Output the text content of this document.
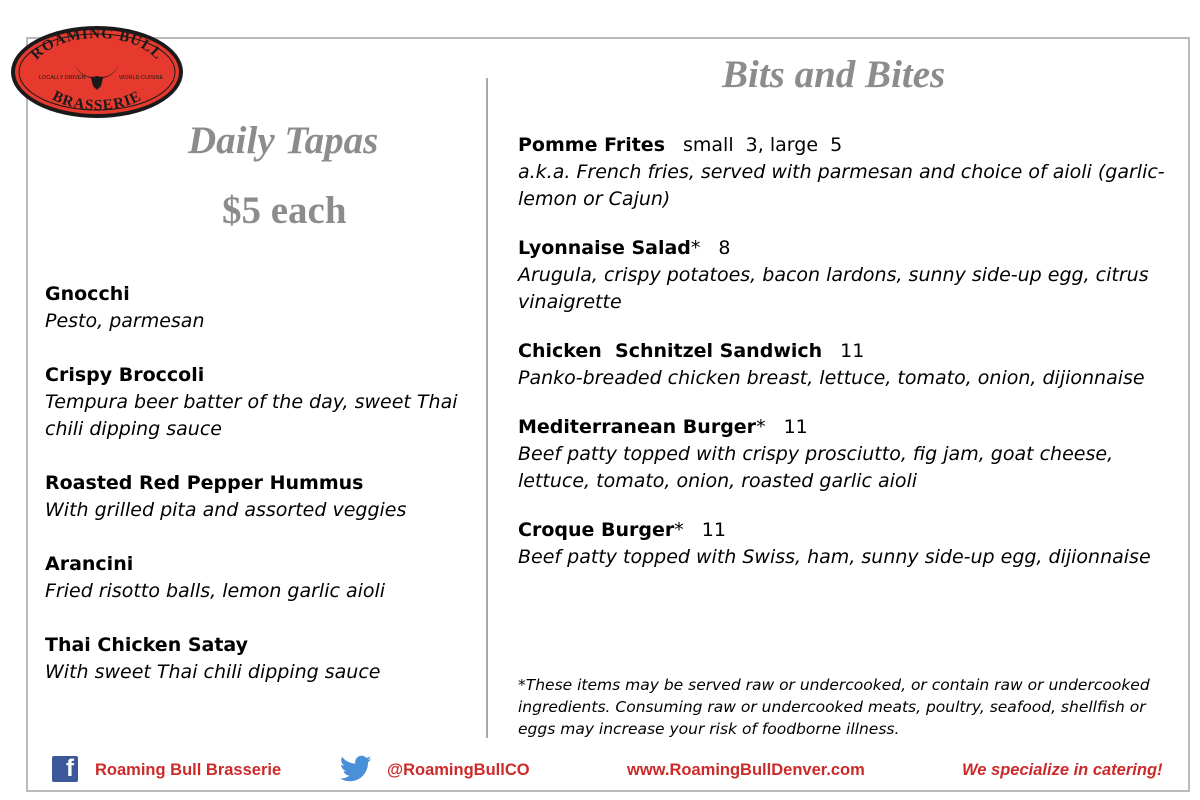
ROAMING BULL
BRASSERIE
LOCALLY DRIVEN	WORLD CUISINE
Daily Tapas
$5 each
Gnocchi
Pesto, parmesan
Crispy Broccoli
Tempura beer batter of the day, sweet Thai chili dipping sauce
Roasted Red Pepper Hummus
With grilled pita and assorted veggies
Arancini
Fried risotto balls, lemon garlic aioli
Thai Chicken Satay
With sweet Thai chili dipping sauce
Bits and Bites
Pomme Frites small  3, large  5
a.k.a. French fries, served with parmesan and choice of aioli (garlic-lemon or Cajun)
Lyonnaise Salad* 8
Arugula, crispy potatoes, bacon lardons, sunny side-up egg, citrus vinaigrette
Chicken  Schnitzel Sandwich 11
Panko-breaded chicken breast, lettuce, tomato, onion, dijionnaise
Mediterranean Burger* 11
Beef patty topped with crispy prosciutto, fig jam, goat cheese, lettuce, tomato, onion, roasted garlic aioli
Croque Burger* 11
Beef patty topped with Swiss, ham, sunny side-up egg, dijionnaise
*These items may be served raw or undercooked, or contain raw or undercooked ingredients. Consuming raw or undercooked meats, poultry, seafood, shellfish or eggs may increase your risk of foodborne illness.
f Roaming Bull Brasserie	@RoamingBullCO	www.RoamingBullDenver.com	We specialize in catering!
